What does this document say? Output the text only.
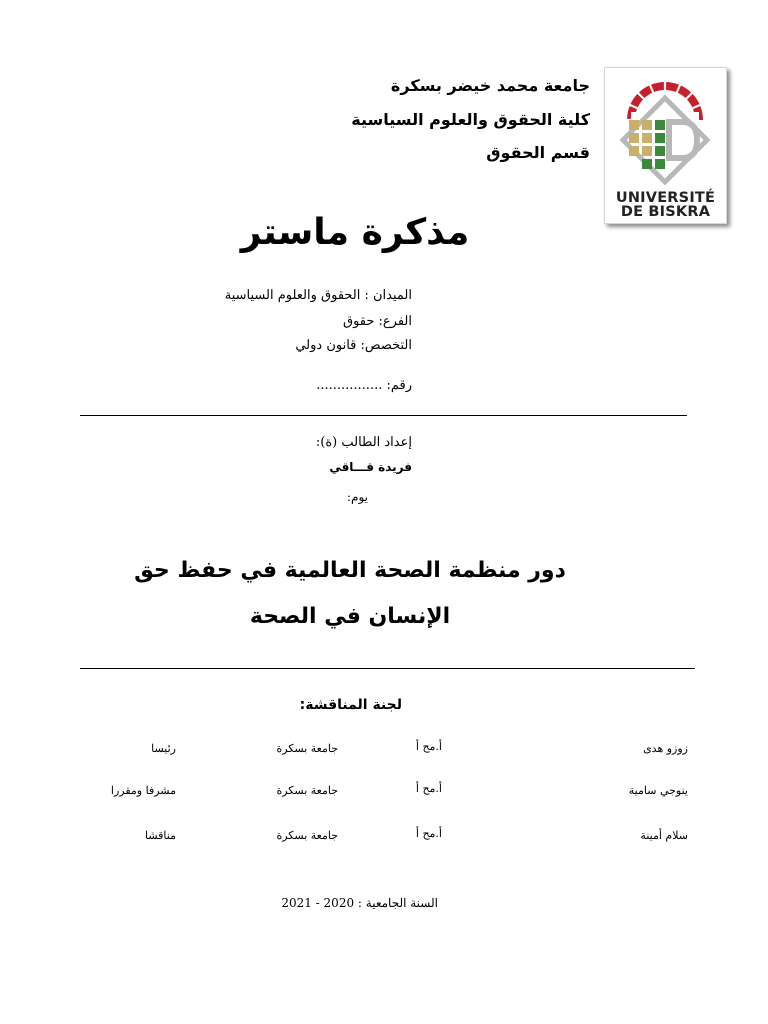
UNIVERSITÉ
DE BISKRA
جامعة محمد خيضر بسكرة
كلية الحقوق والعلوم السياسية
قسم الحقوق
مذكرة ماستر
الميدان : الحقوق والعلوم السياسية
الفرع: حقوق
التخصص: قانون دولي
رقم: ................
إعداد الطالب (ة):
فريدة قـــاقي
يوم:
دور منظمة الصحة العالمية في حفظ حق
الإنسان في الصحة
لجنة المناقشة:
زوزو هدى
أ.مح أ
جامعة بسكرة
رئيسا
ينوجي سامية
أ.مح أ
جامعة بسكرة
مشرفا ومقررا
سلام أمينة
أ.مح أ
جامعة بسكرة
مناقشا
السنة الجامعية : 2020 - 2021
